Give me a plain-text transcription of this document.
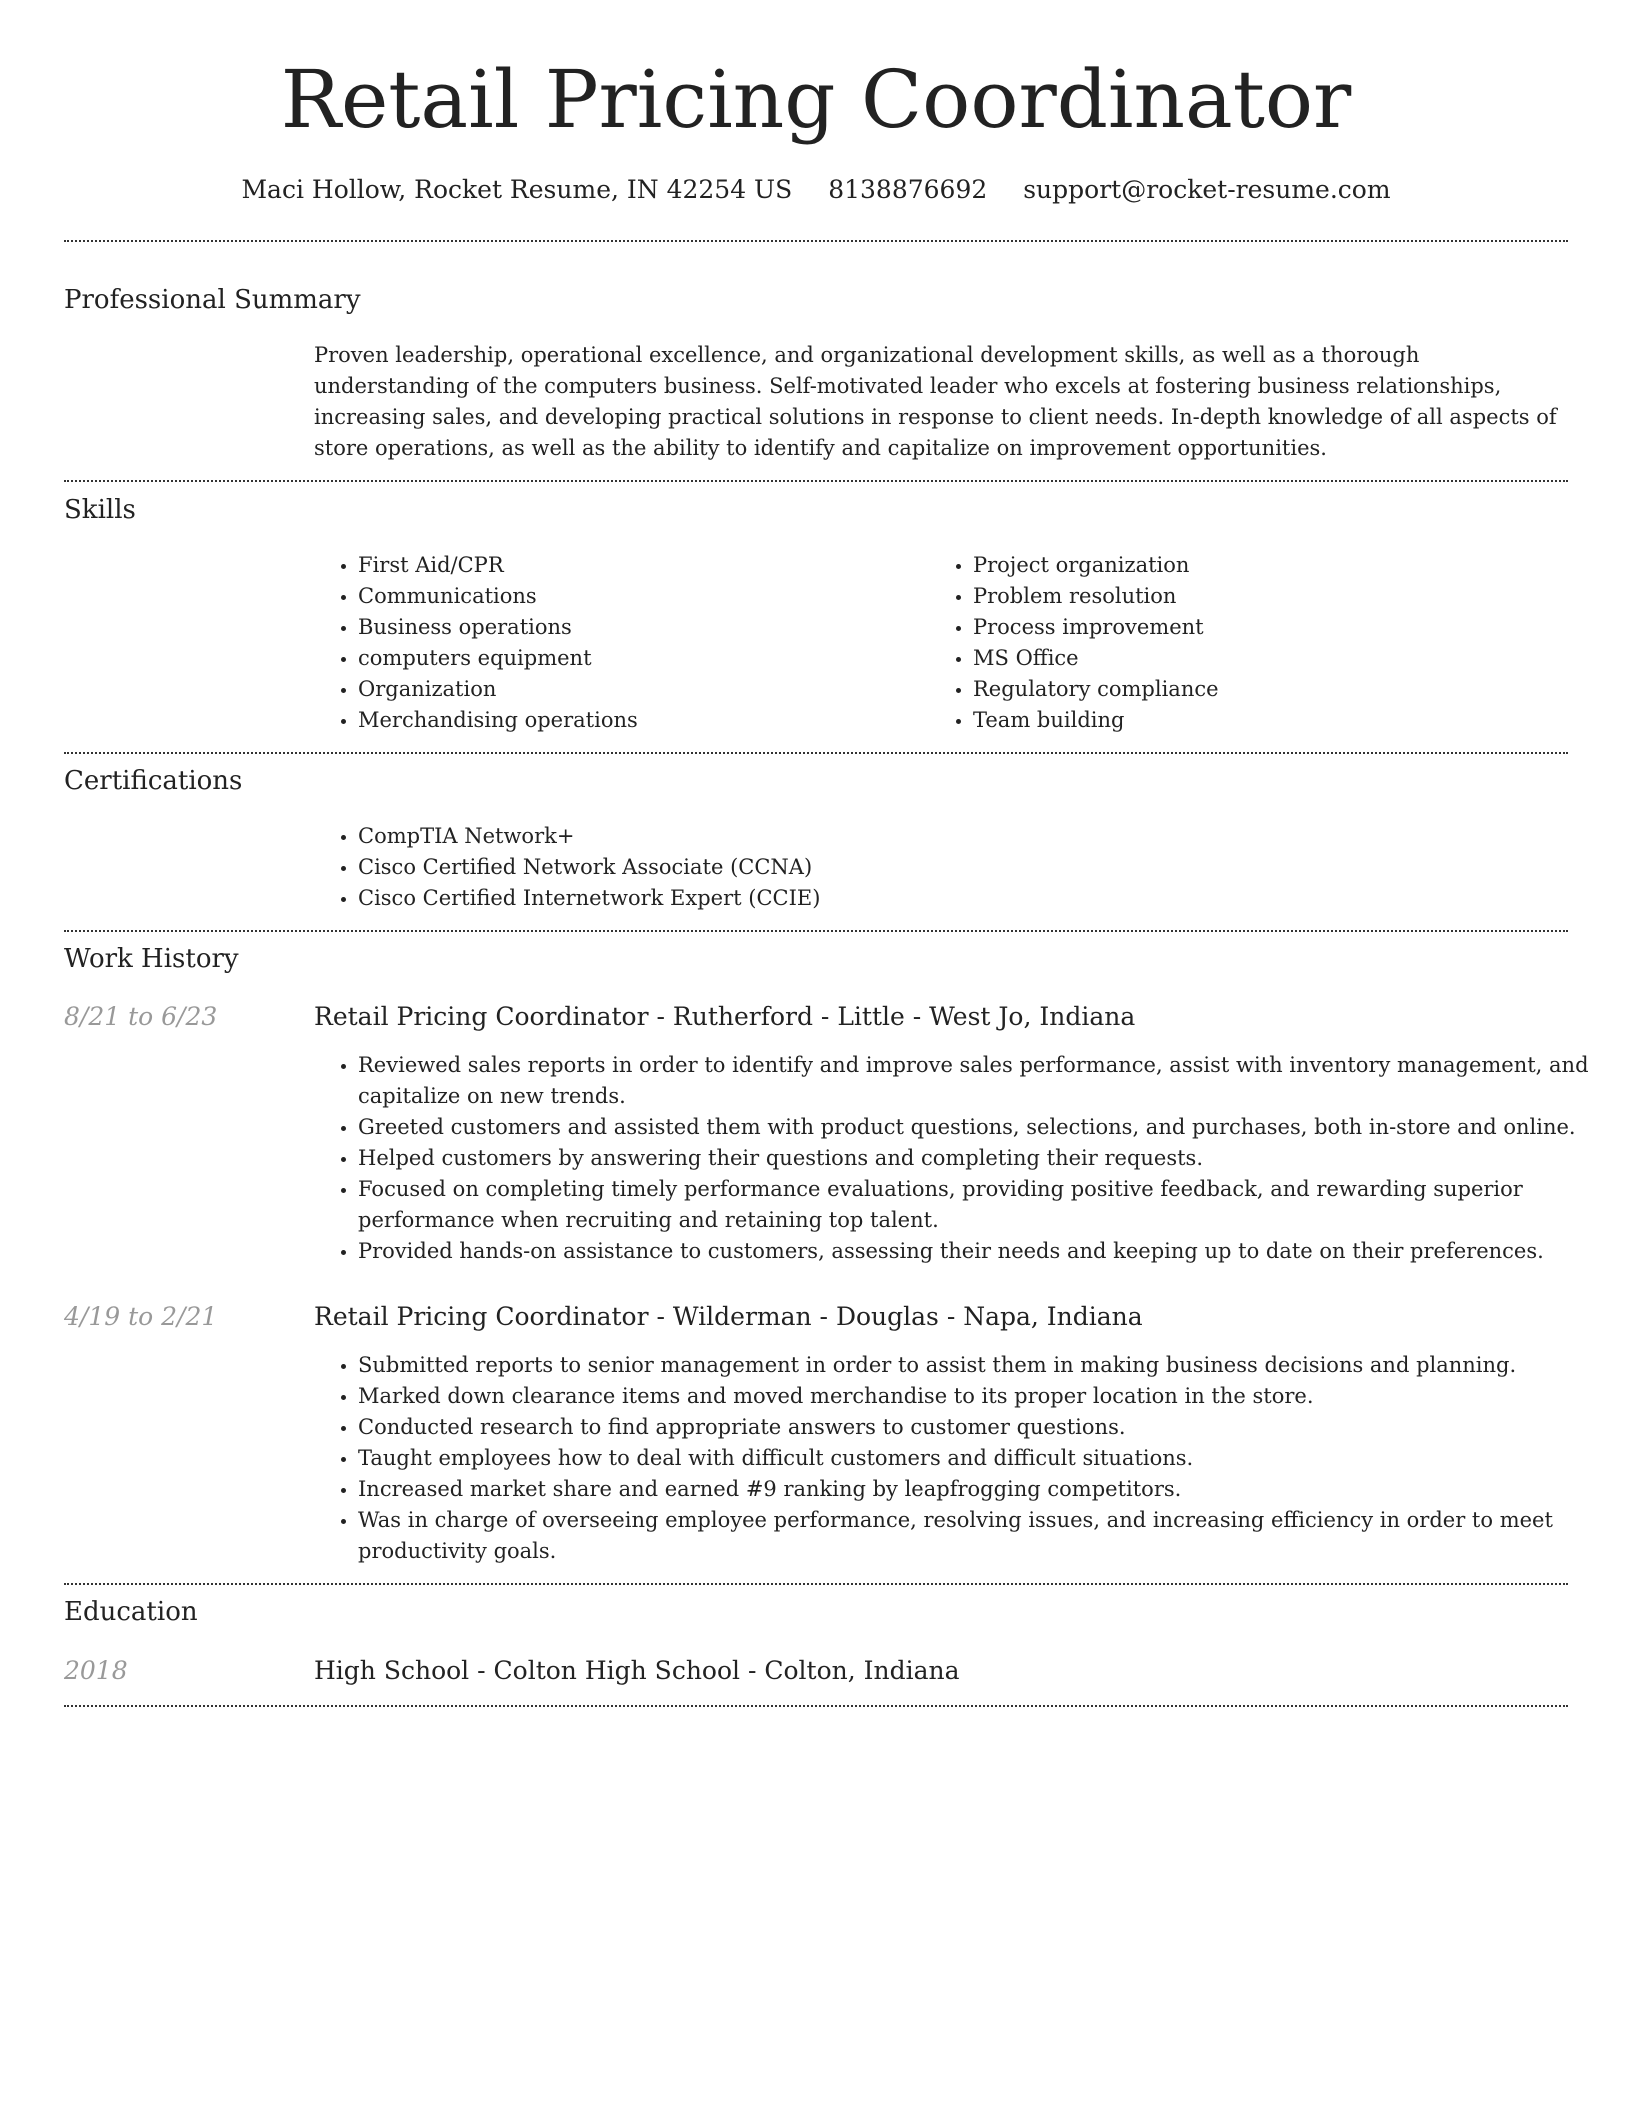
Retail Pricing Coordinator
Maci Hollow, Rocket Resume, IN 42254 US 8138876692 support@rocket-resume.com
Professional Summary
Proven leadership, operational excellence, and organizational development skills, as well as a thorough understanding of the computers business. Self-motivated leader who excels at fostering business relationships, increasing sales, and developing practical solutions in response to client needs. In-depth knowledge of all aspects of store operations, as well as the ability to identify and capitalize on improvement opportunities.
Skills
• First Aid/CPR
• Communications
• Business operations
• computers equipment
• Organization
• Merchandising operations
• Project organization
• Problem resolution
• Process improvement
• MS Office
• Regulatory compliance
• Team building
Certifications
• CompTIA Network+
• Cisco Certified Network Associate (CCNA)
• Cisco Certified Internetwork Expert (CCIE)
Work History
8/21 to 6/23	Retail Pricing Coordinator - Rutherford - Little - West Jo, Indiana
• Reviewed sales reports in order to identify and improve sales performance, assist with inventory management, and capitalize on new trends.
• Greeted customers and assisted them with product questions, selections, and purchases, both in-store and online.
• Helped customers by answering their questions and completing their requests.
• Focused on completing timely performance evaluations, providing positive feedback, and rewarding superior performance when recruiting and retaining top talent.
• Provided hands-on assistance to customers, assessing their needs and keeping up to date on their preferences.
4/19 to 2/21	Retail Pricing Coordinator - Wilderman - Douglas - Napa, Indiana
• Submitted reports to senior management in order to assist them in making business decisions and planning.
• Marked down clearance items and moved merchandise to its proper location in the store.
• Conducted research to find appropriate answers to customer questions.
• Taught employees how to deal with difficult customers and difficult situations.
• Increased market share and earned #9 ranking by leapfrogging competitors.
• Was in charge of overseeing employee performance, resolving issues, and increasing efficiency in order to meet productivity goals.
Education
2018	High School - Colton High School - Colton, Indiana
